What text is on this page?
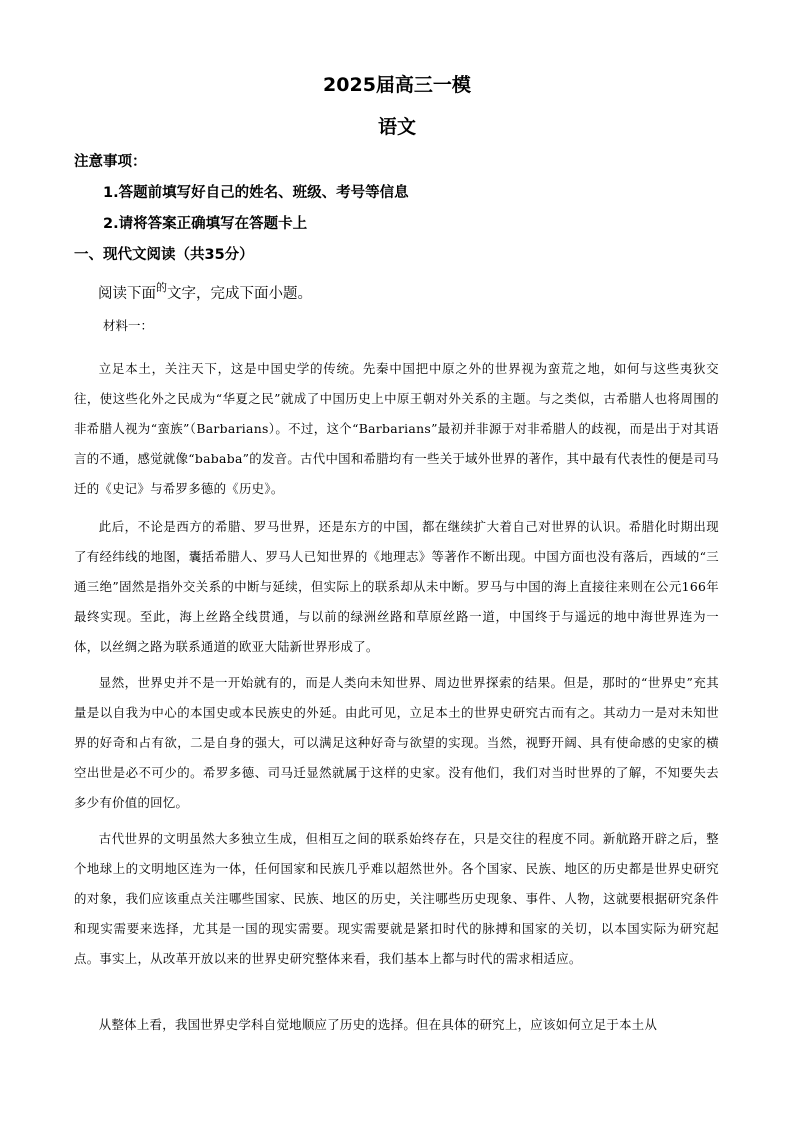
2025届高三一模
语文
注意事项：
1.答题前填写好自己的姓名、班级、考号等信息
2.请将答案正确填写在答题卡上
一、现代文阅读（共35分）
阅读下面$^的$文字，完成下面小题。
材料一：

立足本土，关注天下，这是中国史学的传统。先秦中国把中原之外的世界视为蛮荒之地，如何与这些夷狄交往，使这些化外之民成为“华夏之民”就成了中国历史上中原王朝对外关系的主题。与之类似，古希腊人也将周围的非希腊人视为“蛮族”（Barbarians）。不过，这个“Barbarians”最初并非源于对非希腊人的歧视，而是出于对其语言的不通，感觉就像“bababa”的发音。古代中国和希腊均有一些关于域外世界的著作，其中最有代表性的便是司马迁的《史记》与希罗多德的《历史》。

此后，不论是西方的希腊、罗马世界，还是东方的中国，都在继续扩大着自己对世界的认识。希腊化时期出现了有经纬线的地图，囊括希腊人、罗马人已知世界的《地理志》等著作不断出现。中国方面也没有落后，西域的“三通三绝”固然是指外交关系的中断与延续，但实际上的联系却从未中断。罗马与中国的海上直接往来则在公元166年最终实现。至此，海上丝路全线贯通，与以前的绿洲丝路和草原丝路一道，中国终于与遥远的地中海世界连为一体，以丝绸之路为联系通道的欧亚大陆新世界形成了。

显然，世界史并不是一开始就有的，而是人类向未知世界、周边世界探索的结果。但是，那时的“世界史”充其量是以自我为中心的本国史或本民族史的外延。由此可见，立足本土的世界史研究古而有之。其动力一是对未知世界的好奇和占有欲，二是自身的强大，可以满足这种好奇与欲望的实现。当然，视野开阔、具有使命感的史家的横空出世是必不可少的。希罗多德、司马迁显然就属于这样的史家。没有他们，我们对当时世界的了解，不知要失去多少有价值的回忆。

古代世界的文明虽然大多独立生成，但相互之间的联系始终存在，只是交往的程度不同。新航路开辟之后，整个地球上的文明地区连为一体，任何国家和民族几乎难以超然世外。各个国家、民族、地区的历史都是世界史研究的对象，我们应该重点关注哪些国家、民族、地区的历史，关注哪些历史现象、事件、人物，这就要根据研究条件和现实需要来选择，尤其是一国的现实需要。现实需要就是紧扣时代的脉搏和国家的关切，以本国实际为研究起点。事实上，从改革开放以来的世界史研究整体来看，我们基本上都与时代的需求相适应。

从整体上看，我国世界史学科自觉地顺应了历史的选择。但在具体的研究上，应该如何立足于本土从
